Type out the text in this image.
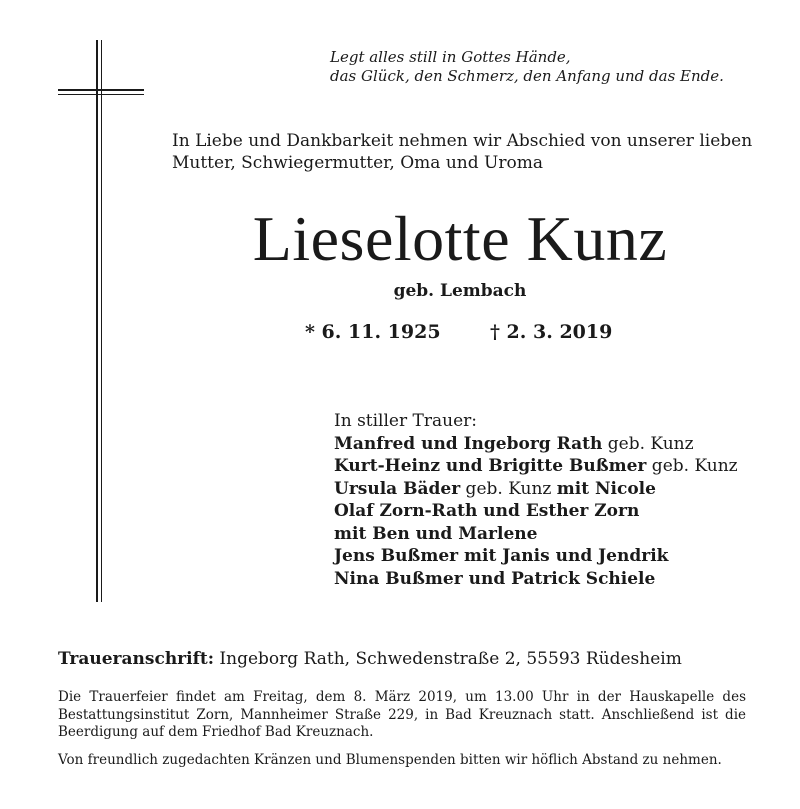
Legt alles still in Gottes Hände,
das Glück, den Schmerz, den Anfang und das Ende.
In Liebe und Dankbarkeit nehmen wir Abschied von unserer lieben
Mutter, Schwiegermutter, Oma und Uroma
Lieselotte Kunz
geb. Lembach
* 6. 11. 1925	† 2. 3. 2019
In stiller Trauer:
Manfred und Ingeborg Rath geb. Kunz
Kurt-Heinz und Brigitte Bußmer geb. Kunz
Ursula Bäder geb. Kunz mit Nicole
Olaf Zorn-Rath und Esther Zorn
mit Ben und Marlene
Jens Bußmer mit Janis und Jendrik
Nina Bußmer und Patrick Schiele
Traueranschrift: Ingeborg Rath, Schwedenstraße 2, 55593 Rüdesheim
Die Trauerfeier findet am Freitag, dem 8. März 2019, um 13.00 Uhr in der Hauskapelle des Bestattungsinstitut Zorn, Mannheimer Straße 229, in Bad Kreuznach statt. Anschließend ist die Beerdigung auf dem Friedhof Bad Kreuznach.
Von freundlich zugedachten Kränzen und Blumenspenden bitten wir höflich Abstand zu nehmen.
